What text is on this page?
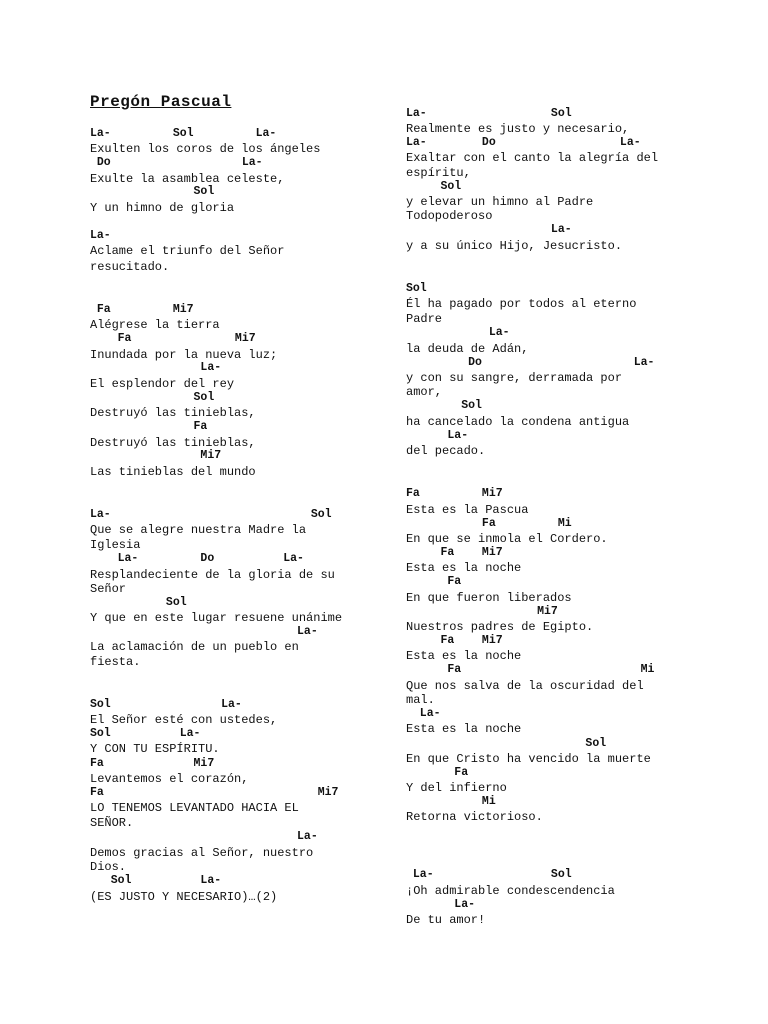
Pregón Pascual
La-         Sol         La-
Exulten los coros de los ángeles
Do                   La-
Exulte la asamblea celeste,
Sol
Y un himno de gloria
La-
Aclame el triunfo del Señor
resucitado.
Fa         Mi7
Alégrese la tierra
Fa               Mi7
Inundada por la nueva luz;
La-
El esplendor del rey
Sol
Destruyó las tinieblas,
Fa
Destruyó las tinieblas,
Mi7
Las tinieblas del mundo
La-                             Sol
Que se alegre nuestra Madre la
Iglesia
La-         Do          La-
Resplandeciente de la gloria de su
Señor
Sol
Y que en este lugar resuene unánime
La-
La aclamación de un pueblo en
fiesta.
Sol                La-
El Señor esté con ustedes,
Sol          La-
Y CON TU ESPÍRITU.
Fa             Mi7
Levantemos el corazón,
Fa                               Mi7
LO TENEMOS LEVANTADO HACIA EL
SEÑOR.
La-
Demos gracias al Señor, nuestro
Dios.
Sol          La-
(ES JUSTO Y NECESARIO)…(2)
La-                  Sol
Realmente es justo y necesario,
La-        Do                  La-
Exaltar con el canto la alegría del
espíritu,
Sol
y elevar un himno al Padre
Todopoderoso
La-
y a su único Hijo, Jesucristo.
Sol
Él ha pagado por todos al eterno
Padre
La-
la deuda de Adán,
Do                      La-
y con su sangre, derramada por
amor,
Sol
ha cancelado la condena antigua
La-
del pecado.
Fa         Mi7
Esta es la Pascua
Fa         Mi
En que se inmola el Cordero.
Fa    Mi7
Esta es la noche
Fa
En que fueron liberados
Mi7
Nuestros padres de Egipto.
Fa    Mi7
Esta es la noche
Fa                          Mi
Que nos salva de la oscuridad del
mal.
La-
Esta es la noche
Sol
En que Cristo ha vencido la muerte
Fa
Y del infierno
Mi
Retorna victorioso.
La-                 Sol
¡Oh admirable condescendencia
La-
De tu amor!
